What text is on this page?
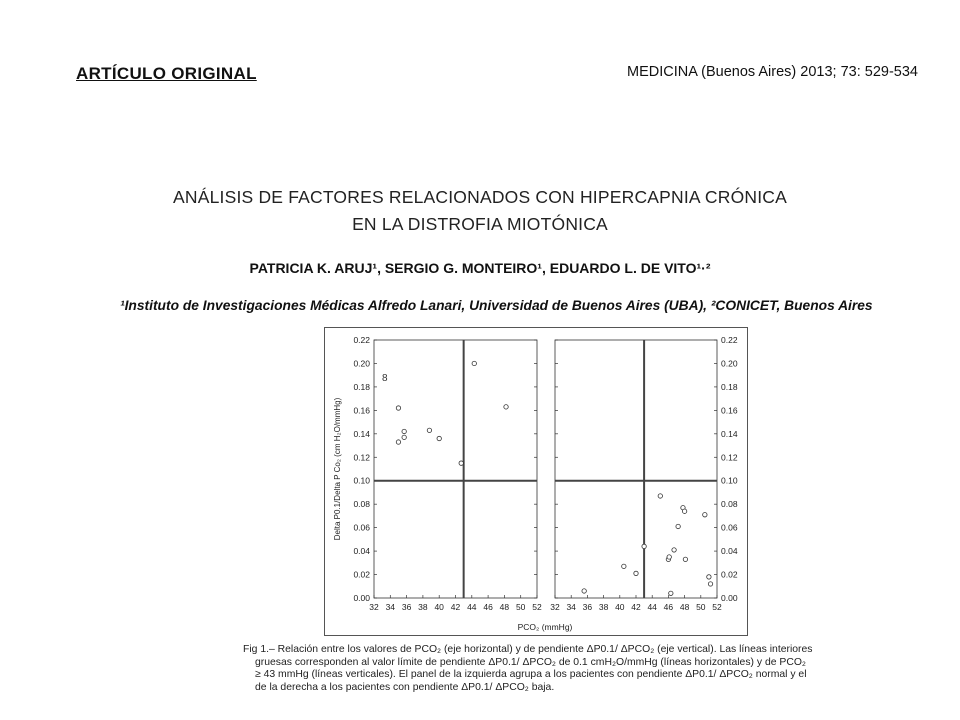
ARTÍCULO ORIGINAL	MEDICINA (Buenos Aires) 2013; 73: 529-534
ANÁLISIS DE FACTORES RELACIONADOS CON HIPERCAPNIA CRÓNICA
EN LA DISTROFIA MIOTÓNICA
PATRICIA K. ARUJ¹, SERGIO G. MONTEIRO¹, EDUARDO L. DE VITO¹·²
¹Instituto de Investigaciones Médicas Alfredo Lanari, Universidad de Buenos Aires (UBA), ²CONICET, Buenos Aires
32 34 36 38 40 42 44 46 48 50 52
0.00
0.02
0.04
0.06
0.08
0.10
0.12
0.14
0.16
0.18
0.20
0.22
8
32 34 36 38 40 42 44 46 48 50 52
0.00
0.02
0.04
0.06
0.08
0.10
0.12
0.14
0.16
0.18
0.20
0.22
PCO₂ (mmHg)
Delta P0.1/Delta P Co₂ (cm H₂O/mmHg)
Fig 1.– Relación entre los valores de PCO₂ (eje horizontal) y de pendiente ΔP0.1/ ΔPCO₂ (eje vertical). Las líneas interiores
gruesas corresponden al valor límite de pendiente ΔP0.1/ ΔPCO₂ de 0.1 cmH₂O/mmHg (líneas horizontales) y de PCO₂
≥ 43 mmHg (líneas verticales). El panel de la izquierda agrupa a los pacientes con pendiente ΔP0.1/ ΔPCO₂ normal y el
de la derecha a los pacientes con pendiente ΔP0.1/ ΔPCO₂ baja.
